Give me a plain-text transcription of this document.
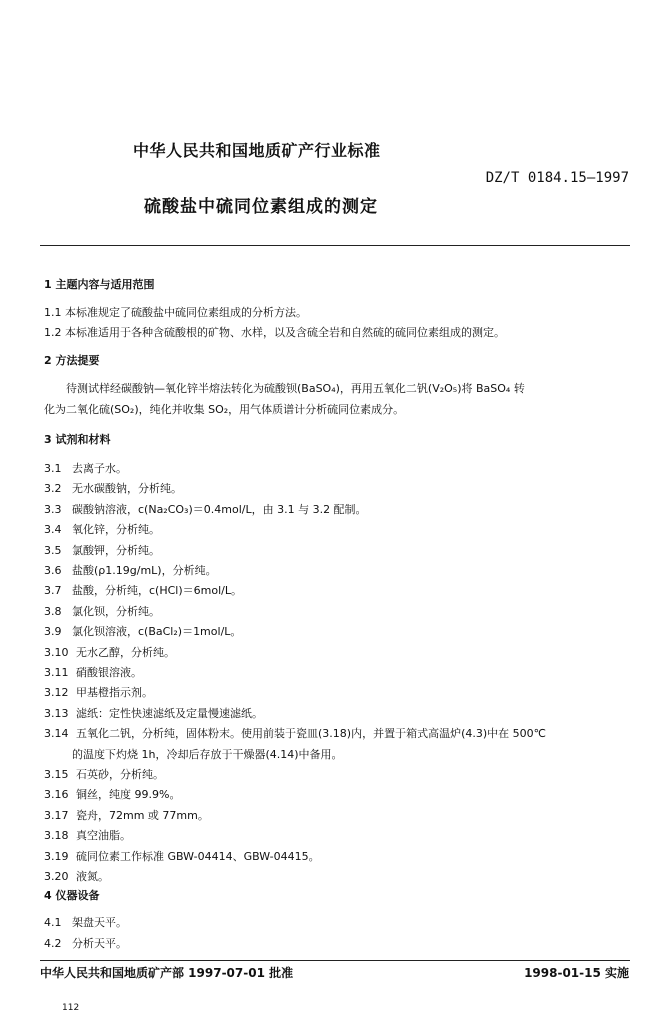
中华人民共和国地质矿产行业标准
DZ/T 0184.15—1997
硫酸盐中硫同位素组成的测定
1 主题内容与适用范围
1.1 本标准规定了硫酸盐中硫同位素组成的分析方法。
1.2 本标准适用于各种含硫酸根的矿物、水样，以及含硫全岩和自然硫的硫同位素组成的测定。
2 方法提要
待测试样经碳酸钠—氧化锌半熔法转化为硫酸钡(BaSO₄)，再用五氧化二钒(V₂O₅)将 BaSO₄ 转
化为二氧化硫(SO₂)，纯化并收集 SO₂，用气体质谱计分析硫同位素成分。
3 试剂和材料
3.1 去离子水。
3.2 无水碳酸钠，分析纯。
3.3 碳酸钠溶液，c(Na₂CO₃)＝0.4mol/L，由 3.1 与 3.2 配制。
3.4 氧化锌，分析纯。
3.5 氯酸钾，分析纯。
3.6 盐酸(ρ1.19g/mL)，分析纯。
3.7 盐酸，分析纯，c(HCl)＝6mol/L。
3.8 氯化钡，分析纯。
3.9 氯化钡溶液，c(BaCl₂)＝1mol/L。
3.10 无水乙醇，分析纯。
3.11 硝酸银溶液。
3.12 甲基橙指示剂。
3.13 滤纸：定性快速滤纸及定量慢速滤纸。
3.14 五氧化二钒，分析纯，固体粉末。使用前装于瓷皿(3.18)内，并置于箱式高温炉(4.3)中在 500℃
的温度下灼烧 1h，冷却后存放于干燥器(4.14)中备用。
3.15 石英砂，分析纯。
3.16 铜丝，纯度 99.9%。
3.17 瓷舟，72mm 或 77mm。
3.18 真空油脂。
3.19 硫同位素工作标准 GBW-04414、GBW-04415。
3.20 液氮。
4 仪器设备
4.1 架盘天平。
4.2 分析天平。
中华人民共和国地质矿产部 1997-07-01 批准	1998-01-15 实施
112
